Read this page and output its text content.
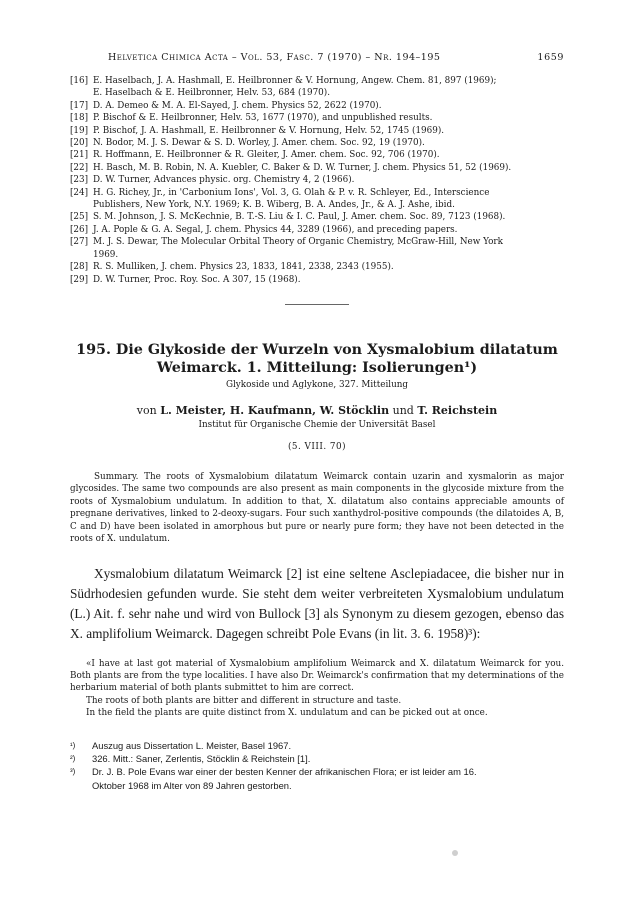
Helvetica Chimica Acta – Vol. 53, Fasc. 7 (1970) – Nr. 194–195	1659
[16] E. Haselbach, J. A. Hashmall, E. Heilbronner & V. Hornung, Angew. Chem. 81, 897 (1969);
E. Haselbach & E. Heilbronner, Helv. 53, 684 (1970).
[17] D. A. Demeo & M. A. El-Sayed, J. chem. Physics 52, 2622 (1970).
[18] P. Bischof & E. Heilbronner, Helv. 53, 1677 (1970), and unpublished results.
[19] P. Bischof, J. A. Hashmall, E. Heilbronner & V. Hornung, Helv. 52, 1745 (1969).
[20] N. Bodor, M. J. S. Dewar & S. D. Worley, J. Amer. chem. Soc. 92, 19 (1970).
[21] R. Hoffmann, E. Heilbronner & R. Gleiter, J. Amer. chem. Soc. 92, 706 (1970).
[22] H. Basch, M. B. Robin, N. A. Kuebler, C. Baker & D. W. Turner, J. chem. Physics 51, 52 (1969).
[23] D. W. Turner, Advances physic. org. Chemistry 4, 2 (1966).
[24] H. G. Richey, Jr., in 'Carbonium Ions', Vol. 3, G. Olah & P. v. R. Schleyer, Ed., Interscience
Publishers, New York, N.Y. 1969; K. B. Wiberg, B. A. Andes, Jr., & A. J. Ashe, ibid.
[25] S. M. Johnson, J. S. McKechnie, B. T.-S. Liu & I. C. Paul, J. Amer. chem. Soc. 89, 7123 (1968).
[26] J. A. Pople & G. A. Segal, J. chem. Physics 44, 3289 (1966), and preceding papers.
[27] M. J. S. Dewar, The Molecular Orbital Theory of Organic Chemistry, McGraw-Hill, New York
1969.
[28] R. S. Mulliken, J. chem. Physics 23, 1833, 1841, 2338, 2343 (1955).
[29] D. W. Turner, Proc. Roy. Soc. A 307, 15 (1968).
195. Die Glykoside der Wurzeln von Xysmalobium dilatatum
Weimarck. 1. Mitteilung: Isolierungen¹)
Glykoside und Aglykone, 327. Mitteilung
von L. Meister, H. Kaufmann, W. Stöcklin und T. Reichstein
Institut für Organische Chemie der Universität Basel
(5. VIII. 70)

Summary. The roots of Xysmalobium dilatatum Weimarck contain uzarin and xysmalorin as major glycosides. The same two compounds are also present as main components in the glycoside mixture from the roots of Xysmalobium undulatum. In addition to that, X. dilatatum also contains appreciable amounts of pregnane derivatives, linked to 2-deoxy-sugars. Four such xanthydrol-positive compounds (the dilatoides A, B, C and D) have been isolated in amorphous but pure or nearly pure form; they have not been detected in the roots of X. undulatum.

Xysmalobium dilatatum Weimarck [2] ist eine seltene Asclepiadacee, die bisher nur in Südrhodesien gefunden wurde. Sie steht dem weiter verbreiteten Xysmalobium undulatum (L.) Ait. f. sehr nahe und wird von Bullock [3] als Synonym zu diesem gezogen, ebenso das X. amplifolium Weimarck. Dagegen schreibt Pole Evans (in lit. 3. 6. 1958)³):

«I have at last got material of Xysmalobium amplifolium Weimarck and X. dilatatum Weimarck for you. Both plants are from the type localities. I have also Dr. Weimarck's confirmation that my determinations of the herbarium material of both plants submittet to him are correct.

The roots of both plants are bitter and different in structure and taste.

In the field the plants are quite distinct from X. undulatum and can be picked out at once.

¹)	Auszug aus Dissertation L. Meister, Basel 1967.
²)	326. Mitt.: Saner, Zerlentis, Stöcklin & Reichstein [1].
³)	Dr. J. B. Pole Evans war einer der besten Kenner der afrikanischen Flora; er ist leider am 16.
Oktober 1968 im Alter von 89 Jahren gestorben.
